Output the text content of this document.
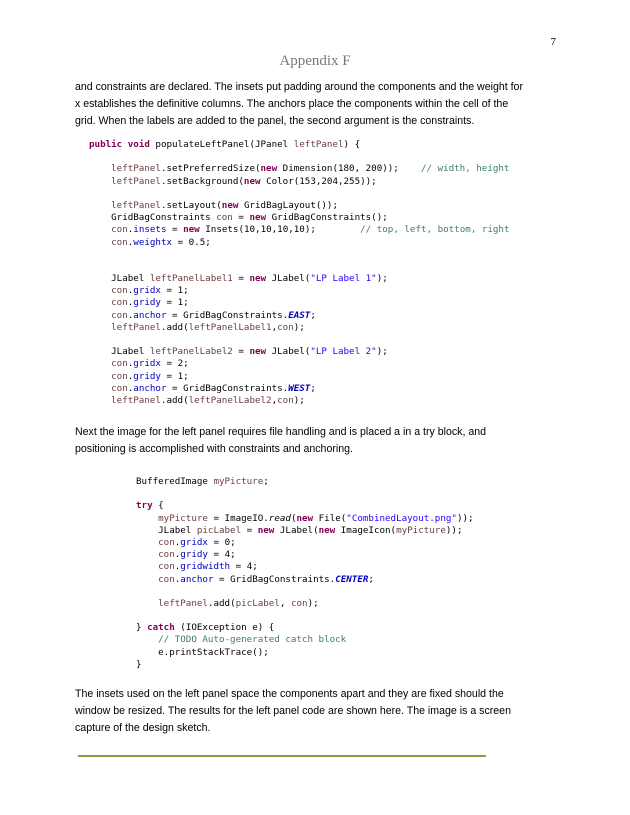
7
Appendix F

and constraints are declared. The insets put padding around the components and the weight for x establishes the definitive columns. The anchors place the components within the cell of the grid. When the labels are added to the panel, the second argument is the constraints.

public void populateLeftPanel(JPanel leftPanel) {
leftPanel.setPreferredSize(new Dimension(180, 200));    // width, height
leftPanel.setBackground(new Color(153,204,255));
leftPanel.setLayout(new GridBagLayout());
GridBagConstraints con = new GridBagConstraints();
con.insets = new Insets(10,10,10,10);        // top, left, bottom, right
con.weightx = 0.5;
JLabel leftPanelLabel1 = new JLabel("LP Label 1");
con.gridx = 1;
con.gridy = 1;
con.anchor = GridBagConstraints.EAST;
leftPanel.add(leftPanelLabel1,con);
JLabel leftPanelLabel2 = new JLabel("LP Label 2");
con.gridx = 2;
con.gridy = 1;
con.anchor = GridBagConstraints.WEST;
leftPanel.add(leftPanelLabel2,con);

Next the image for the left panel requires file handling and is placed a in a try block, and positioning is accomplished with constraints and anchoring.

BufferedImage myPicture;
try {
myPicture = ImageIO.read(new File("CombinedLayout.png"));
JLabel picLabel = new JLabel(new ImageIcon(myPicture));
con.gridx = 0;
con.gridy = 4;
con.gridwidth = 4;
con.anchor = GridBagConstraints.CENTER;
leftPanel.add(picLabel, con);
} catch (IOException e) {
// TODO Auto-generated catch block
e.printStackTrace();
}

The insets used on the left panel space the components apart and they are fixed should the window be resized. The results for the left panel code are shown here. The image is a screen capture of the design sketch.
